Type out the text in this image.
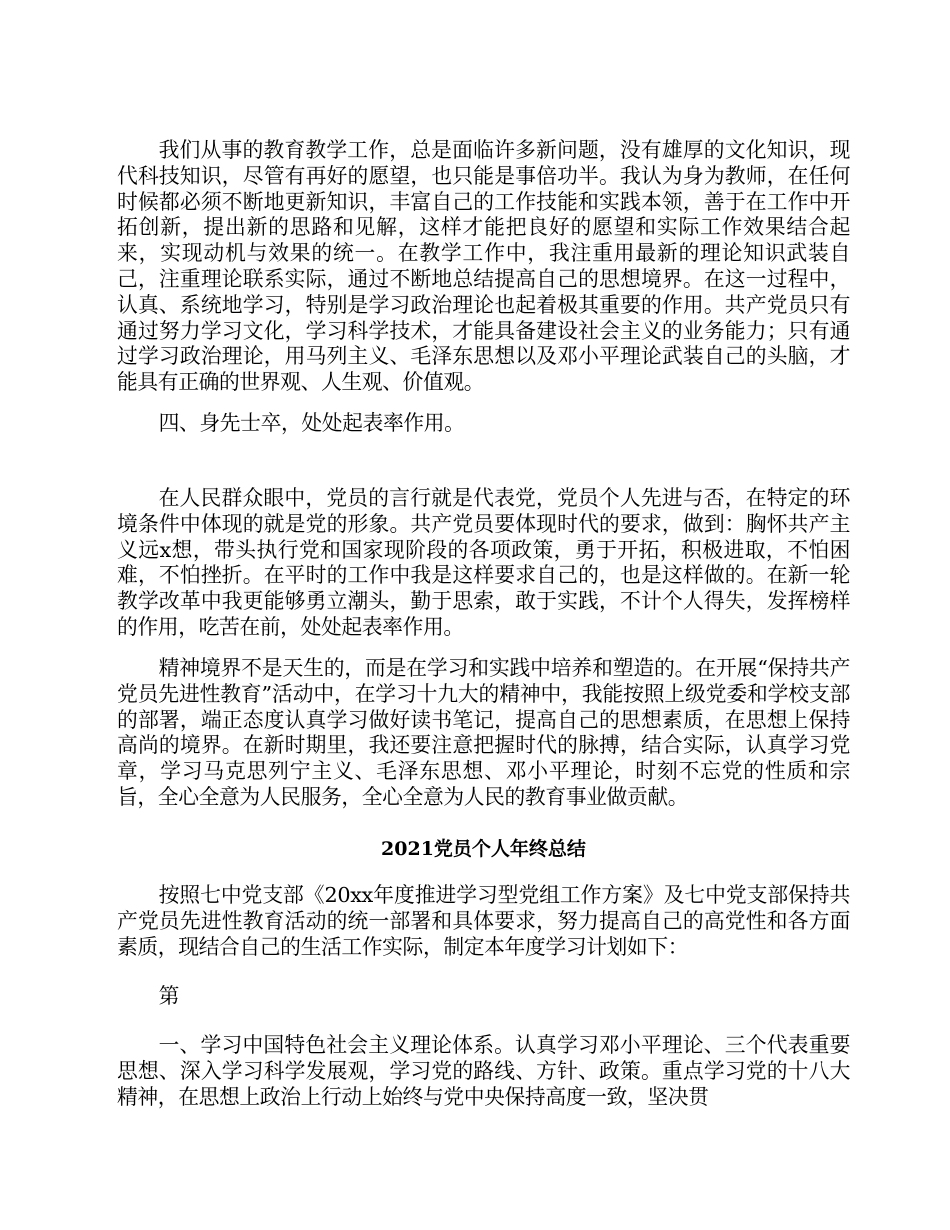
我们从事的教育教学工作，总是面临许多新问题，没有雄厚的文化知识，现代科技知识，尽管有再好的愿望，也只能是事倍功半。我认为身为教师，在任何时候都必须不断地更新知识，丰富自己的工作技能和实践本领，善于在工作中开拓创新，提出新的思路和见解，这样才能把良好的愿望和实际工作效果结合起来，实现动机与效果的统一。在教学工作中，我注重用最新的理论知识武装自己，注重理论联系实际，通过不断地总结提高自己的思想境界。在这一过程中，认真、系统地学习，特别是学习政治理论也起着极其重要的作用。共产党员只有通过努力学习文化，学习科学技术，才能具备建设社会主义的业务能力；只有通过学习政治理论，用马列主义、毛泽东思想以及邓小平理论武装自己的头脑，才能具有正确的世界观、人生观、价值观。

四、身先士卒，处处起表率作用。

在人民群众眼中，党员的言行就是代表党，党员个人先进与否，在特定的环境条件中体现的就是党的形象。共产党员要体现时代的要求，做到：胸怀共产主义远x想，带头执行党和国家现阶段的各项政策，勇于开拓，积极进取，不怕困难，不怕挫折。在平时的工作中我是这样要求自己的，也是这样做的。在新一轮教学改革中我更能够勇立潮头，勤于思索，敢于实践，不计个人得失，发挥榜样的作用，吃苦在前，处处起表率作用。

精神境界不是天生的，而是在学习和实践中培养和塑造的。在开展“保持共产党员先进性教育”活动中，在学习十九大的精神中，我能按照上级党委和学校支部的部署，端正态度认真学习做好读书笔记，提高自己的思想素质，在思想上保持高尚的境界。在新时期里，我还要注意把握时代的脉搏，结合实际，认真学习党章，学习马克思列宁主义、毛泽东思想、邓小平理论，时刻不忘党的性质和宗旨，全心全意为人民服务，全心全意为人民的教育事业做贡献。

2021党员个人年终总结

按照七中党支部《20xx年度推进学习型党组工作方案》及七中党支部保持共产党员先进性教育活动的统一部署和具体要求，努力提高自己的高党性和各方面素质，现结合自己的生活工作实际，制定本年度学习计划如下：

第

一、学习中国特色社会主义理论体系。认真学习邓小平理论、三个代表重要思想、深入学习科学发展观，学习党的路线、方针、政策。重点学习党的十八大精神，在思想上政治上行动上始终与党中央保持高度一致，坚决贯
